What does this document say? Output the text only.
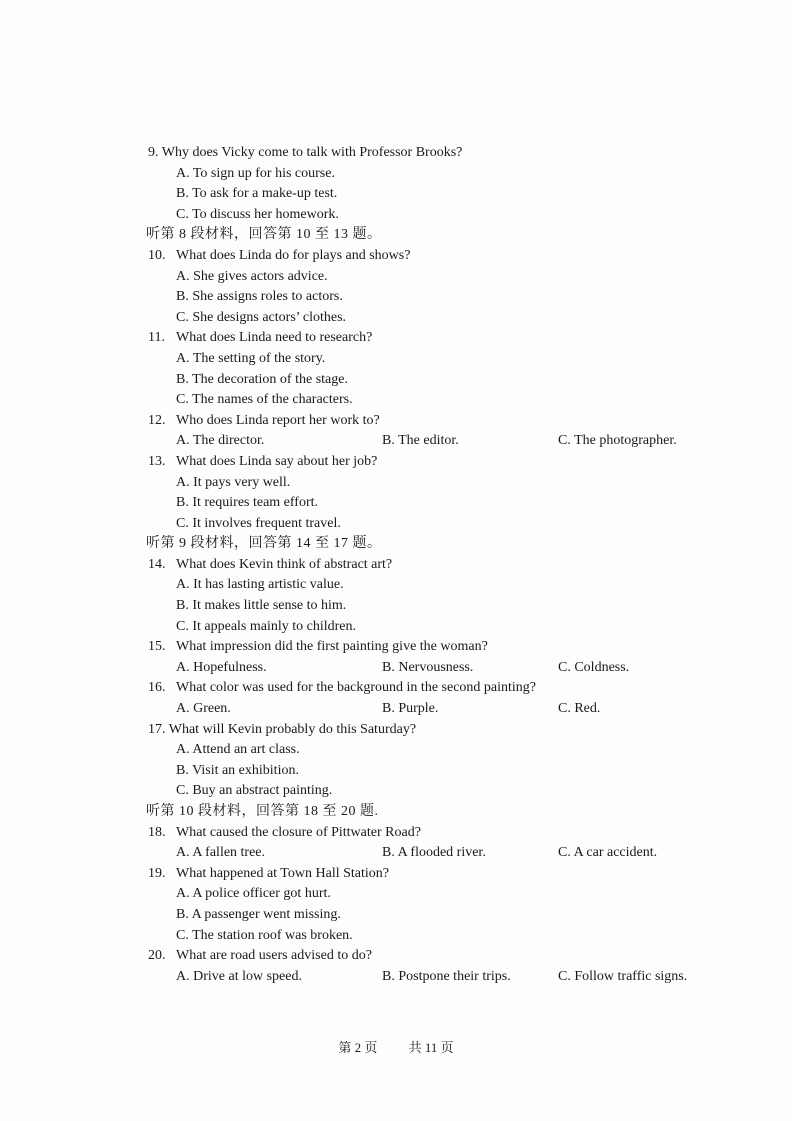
9. Why does Vicky come to talk with Professor Brooks?
A. To sign up for his course.
B. To ask for a make-up test.
C. To discuss her homework.
听第 8 段材料，回答第 10 至 13 题。
10. What does Linda do for plays and shows?
A. She gives actors advice.
B. She assigns roles to actors.
C. She designs actors’ clothes.
11. What does Linda need to research?
A. The setting of the story.
B. The decoration of the stage.
C. The names of the characters.
12. Who does Linda report her work to?
A. The director.	B. The editor.	C. The photographer.
13. What does Linda say about her job?
A. It pays very well.
B. It requires team effort.
C. It involves frequent travel.
听第 9 段材料，回答第 14 至 17 题。
14. What does Kevin think of abstract art?
A. It has lasting artistic value.
B. It makes little sense to him.
C. It appeals mainly to children.
15. What impression did the first painting give the woman?
A. Hopefulness.	B. Nervousness.	C. Coldness.
16. What color was used for the background in the second painting?
A. Green.	B. Purple.	C. Red.
17. What will Kevin probably do this Saturday?
A. Attend an art class.
B. Visit an exhibition.
C. Buy an abstract painting.
听第 10 段材料，回答第 18 至 20 题.
18. What caused the closure of Pittwater Road?
A. A fallen tree.	B. A flooded river.	C. A car accident.
19. What happened at Town Hall Station?
A. A police officer got hurt.
B. A passenger went missing.
C. The station roof was broken.
20. What are road users advised to do?
A. Drive at low speed.	B. Postpone their trips.	C. Follow traffic signs.
第 2 页 共 11 页
